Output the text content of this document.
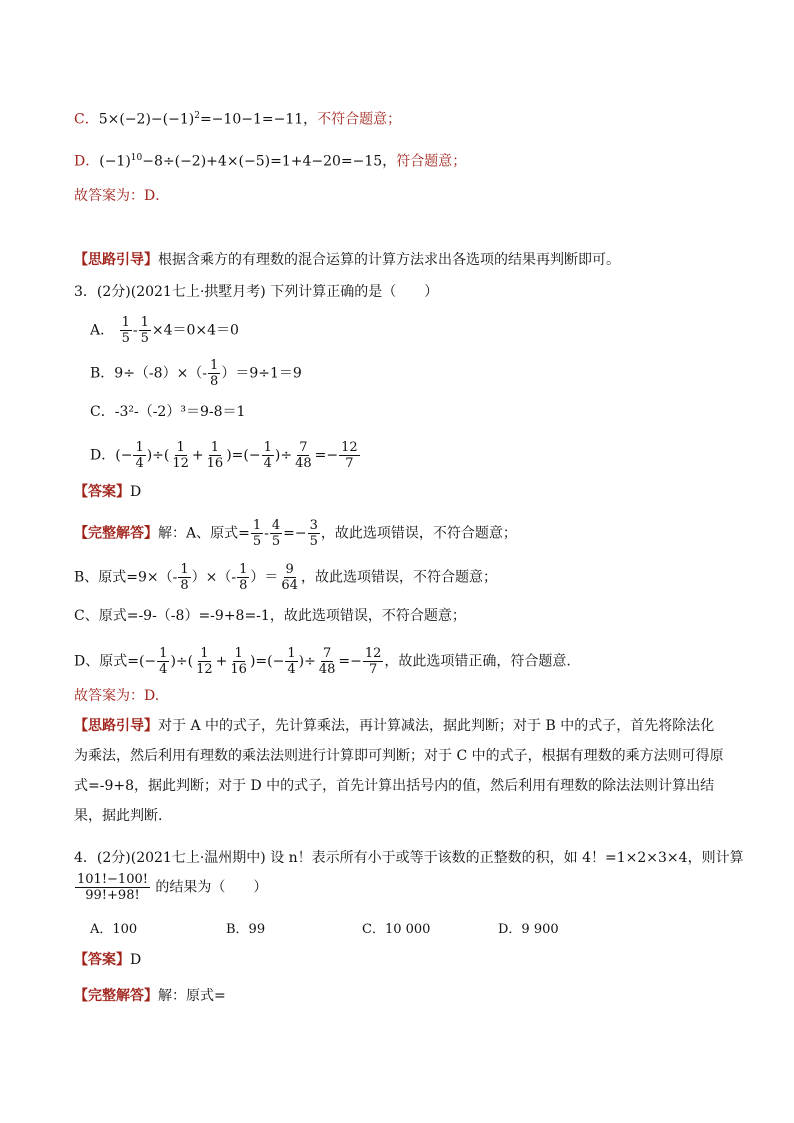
C．$5\times(-2)-(-1)^2=-10-1=-11$，不符合题意；
D．$(-1)^{10}-8\div(-2)+4\times(-5)=1+4-20=-15$，符合题意；
故答案为：D．
【思路引导】根据含乘方的有理数的混合运算的计算方法求出各选项的结果再判断即可。
3．(2分)(2021七上·拱墅月考) 下列计算正确的是（　　）
A． $\frac{1}{5} - \frac{1}{5} \times 4=0\times 4=0$
B．$9\div(-8)\times(- \frac{1}{8} )=9\div 1=9$
C．-3²-（-2）³＝9-8＝1
D．(− $\frac{1}{4}$ )÷( $\frac{1}{12} + \frac{1}{16}$ )=(− $\frac{1}{4}$ )÷ $\frac{7}{48} =- \frac{12}{7}$
【答案】D
【完整解答】解：A、原式= $\frac{1}{5} - \frac{4}{5} =- \frac{3}{5}$ ，故此选项错误，不符合题意；
B、原式$=9\times(- \frac{1}{8}$ ）×（- $\frac{1}{8}$ ）＝ $\frac{9}{64}$ ，故此选项错误，不符合题意；
C、原式=-9-（-8）=-9+8=-1，故此选项错误，不符合题意；
D、原式=(− $\frac{1}{4}$ )÷( $\frac{1}{12} + \frac{1}{16}$ )=(− $\frac{1}{4}$ )÷ $\frac{7}{48} =- \frac{12}{7}$ ，故此选项错正确，符合题意.
故答案为：D.
【思路引导】对于 A 中的式子，先计算乘法，再计算减法，据此判断；对于 B 中的式子，首先将除法化为乘法，然后利用有理数的乘法法则进行计算即可判断；对于 C 中的式子，根据有理数的乘方法则可得原式=-9+8，据此判断；对于 D 中的式子，首先计算出括号内的值，然后利用有理数的除法法则计算出结果，据此判断.
4．(2分)(2021七上·温州期中) 设 n！表示所有小于或等于该数的正整数的积，如 4！=1×2×3×4，则计算
$\frac{101!-100!}{99!+98!}$ 的结果为（　　）
A．100	B．99	C．10 000	D．9 900
【答案】D
【完整解答】解：原式=
